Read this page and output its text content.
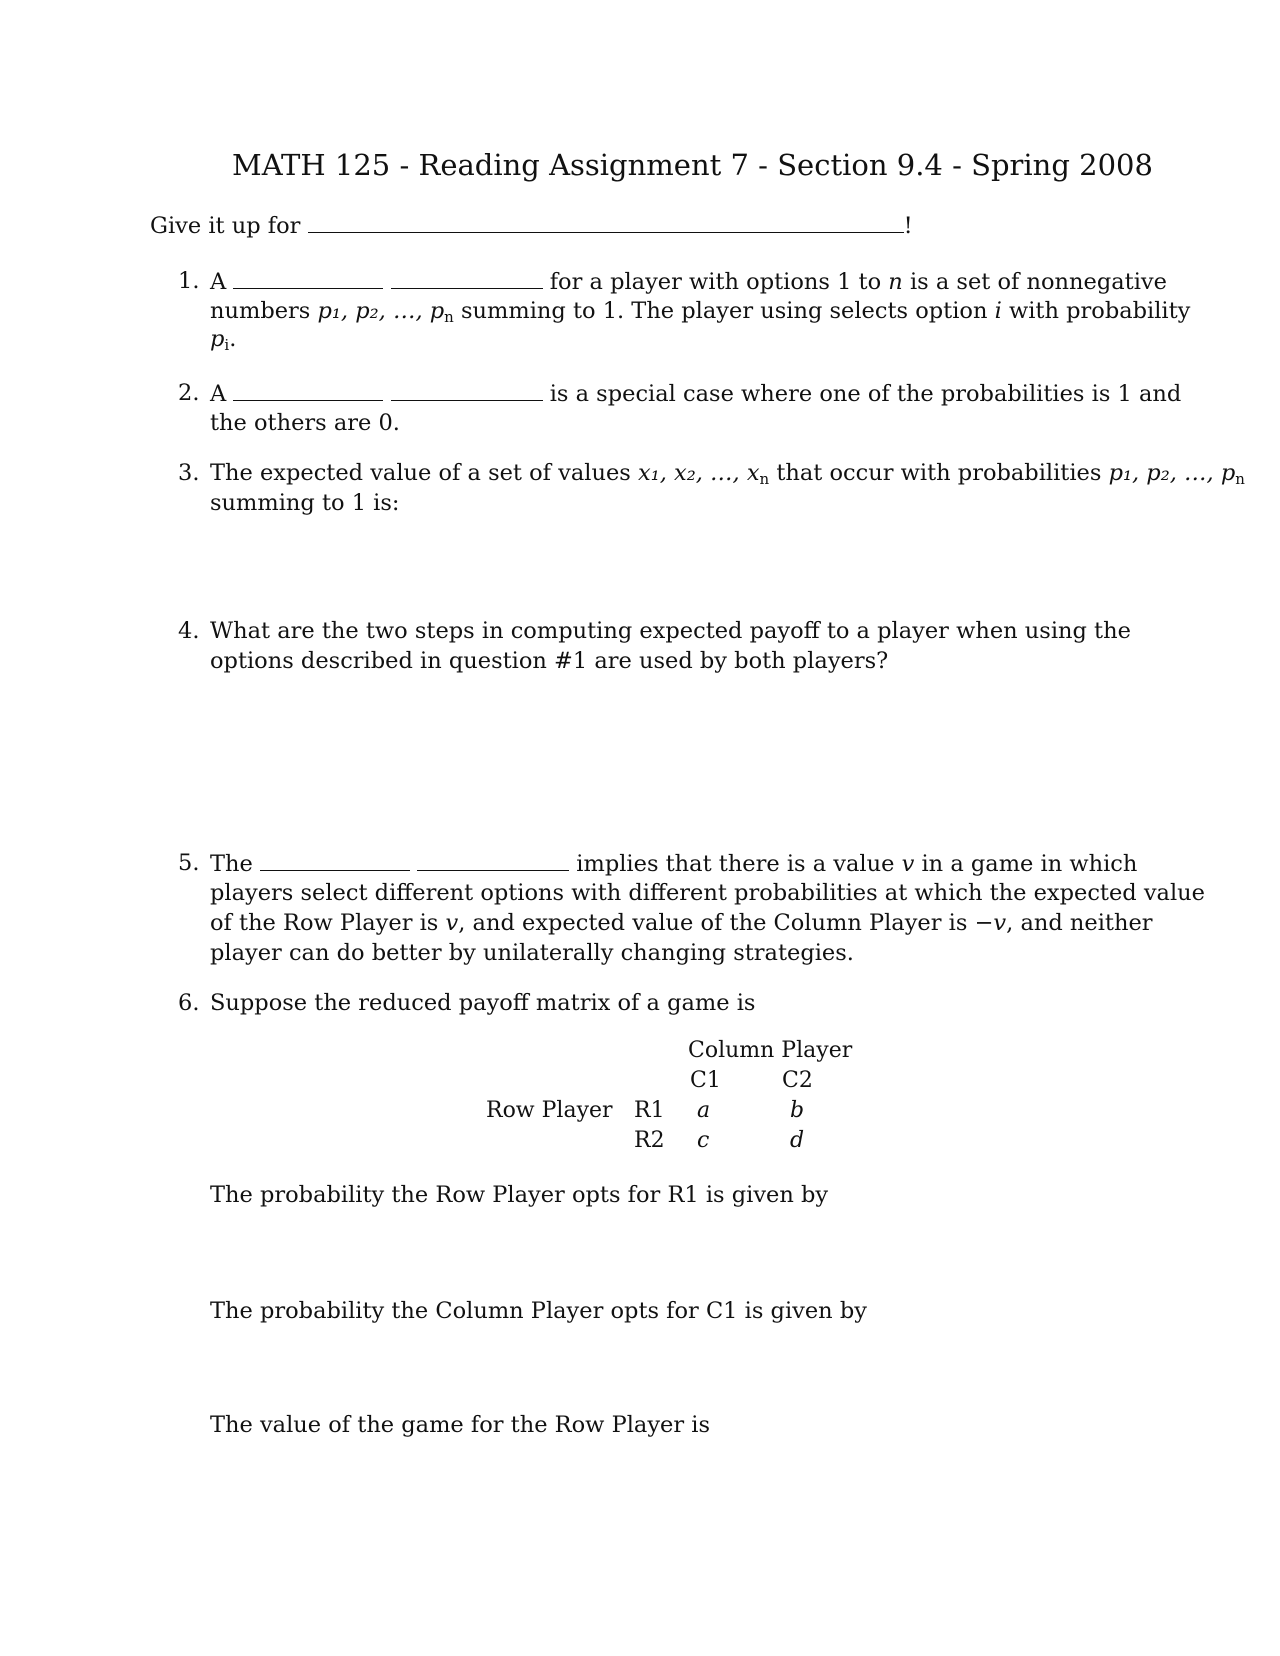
MATH 125 - Reading Assignment 7 - Section 9.4 - Spring 2008
Give it up for	!
1. A	for a player with options 1 to n is a set of nonnegative
numbers p₁, p₂, …, $p_n$ summing to 1. The player using selects option i with probability
$p_i$.
2. A	is a special case where one of the probabilities is 1 and
the others are 0.
3. The expected value of a set of values x₁, x₂, …, $x_n$ that occur with probabilities p₁, p₂, …, $p_n$
summing to 1 is:
4. What are the two steps in computing expected payoff to a player when using the
options described in question #1 are used by both players?
5. The	implies that there is a value v in a game in which
players select different options with different probabilities at which the expected value
of the Row Player is v, and expected value of the Column Player is −v, and neither
player can do better by unilaterally changing strategies.
6. Suppose the reduced payoff matrix of a game is
Column Player
C1	C2
Row Player R1 a	b
R2 c	d
The probability the Row Player opts for R1 is given by
The probability the Column Player opts for C1 is given by
The value of the game for the Row Player is
